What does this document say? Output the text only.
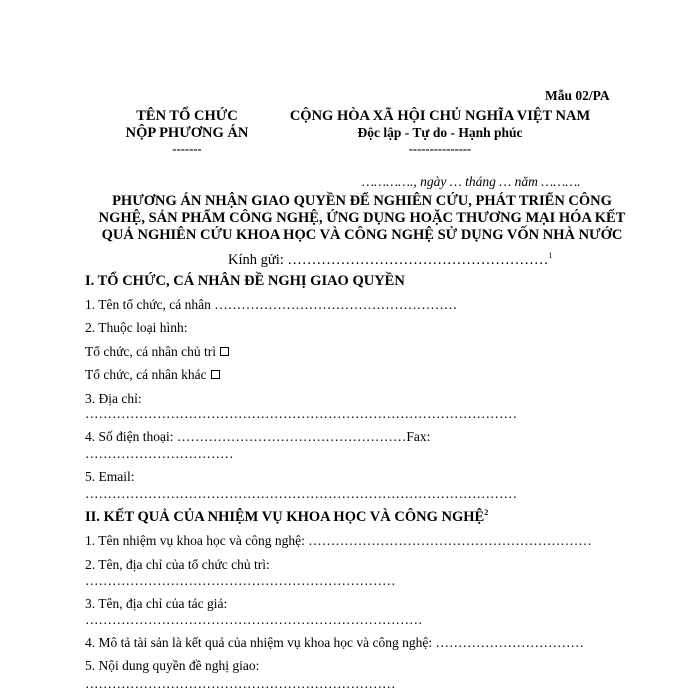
Mẫu 02/PA
TÊN TỔ CHỨC
NỘP PHƯƠNG ÁN
-------
CỘNG HÒA XÃ HỘI CHỦ NGHĨA VIỆT NAM
Độc lập - Tự do - Hạnh phúc
---------------
…………., ngày … tháng … năm ……….
PHƯƠNG ÁN NHẬN GIAO QUYỀN ĐỂ NGHIÊN CỨU, PHÁT TRIỂN CÔNG
NGHỆ, SẢN PHẨM CÔNG NGHỆ, ỨNG DỤNG HOẶC THƯƠNG MẠI HÓA KẾT
QUẢ NGHIÊN CỨU KHOA HỌC VÀ CÔNG NGHỆ SỬ DỤNG VỐN NHÀ NƯỚC
Kính gửi: ………………………………………………$^1$
I. TỔ CHỨC, CÁ NHÂN ĐỀ NGHỊ GIAO QUYỀN
1. Tên tổ chức, cá nhân ………………………………………………
2. Thuộc loại hình:
Tổ chức, cá nhân chủ trì
Tổ chức, cá nhân khác
3. Địa chỉ:
……………………………………………………………………………………
4. Số điện thoại: ……………………………………………Fax:
……………………………
5. Email:
……………………………………………………………………………………
II. KẾT QUẢ CỦA NHIỆM VỤ KHOA HỌC VÀ CÔNG NGHỆ$^2$
1. Tên nhiệm vụ khoa học và công nghệ: ………………………………………………………
2. Tên, địa chỉ của tổ chức chủ trì:
……………………………………………………………
3. Tên, địa chỉ của tác giả:
…………………………………………………………………
4. Mô tả tài sản là kết quả của nhiệm vụ khoa học và công nghệ: ……………………………
5. Nội dung quyền đề nghị giao:
……………………………………………………………
